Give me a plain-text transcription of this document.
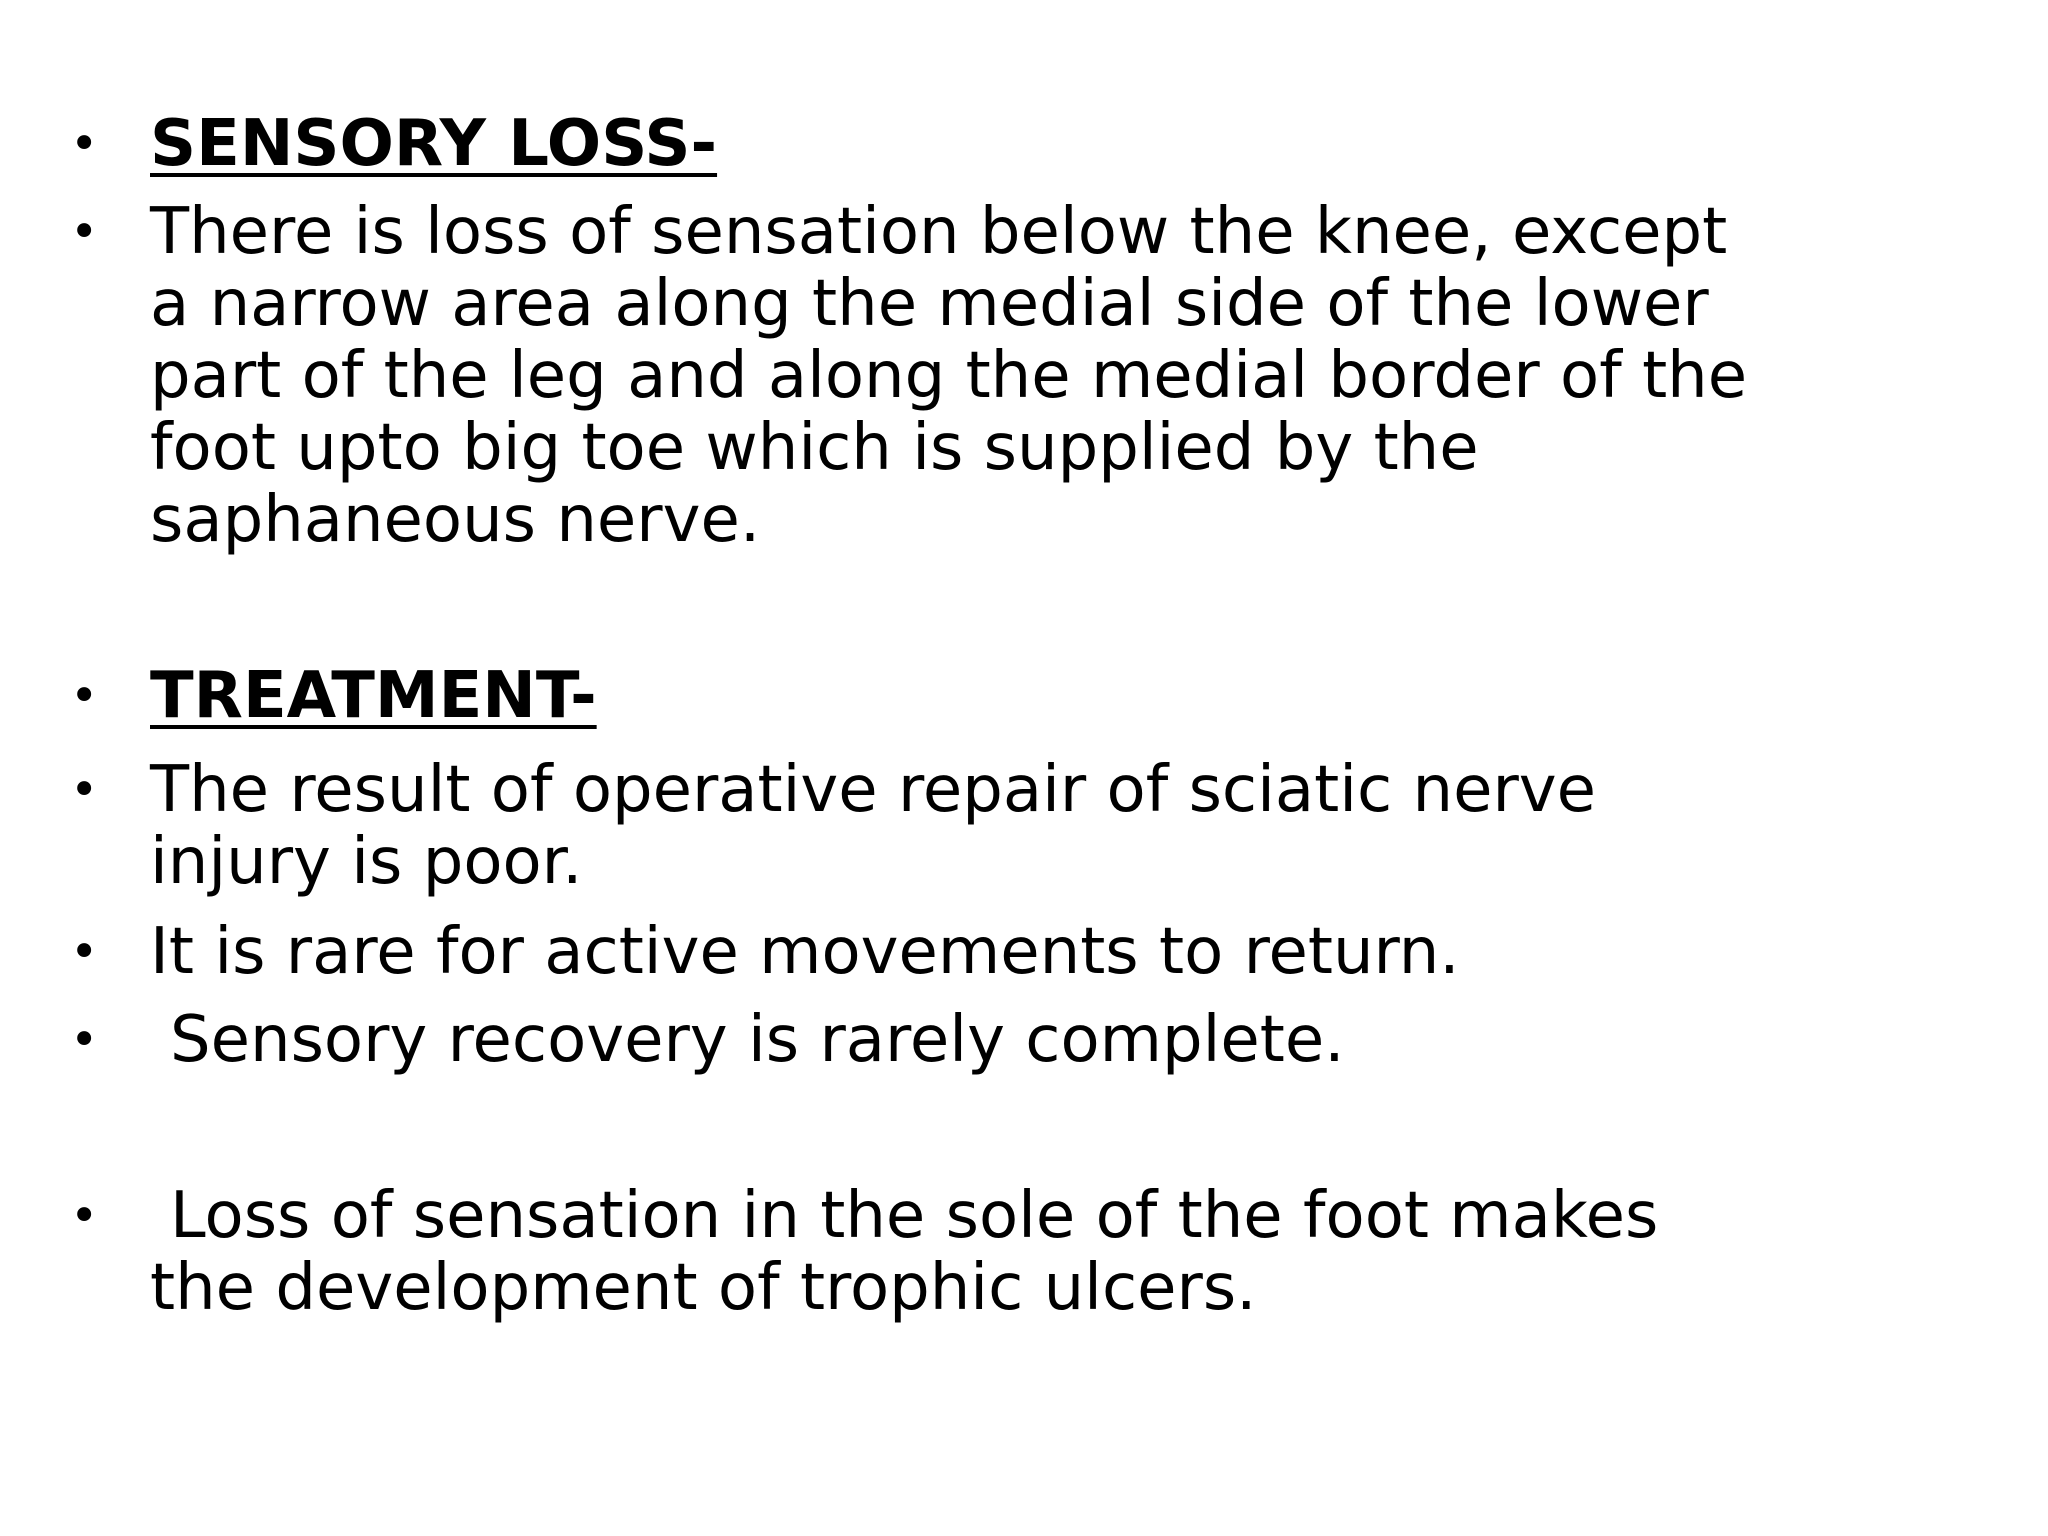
• SENSORY LOSS-
• There is loss of sensation below the knee, except
a narrow area along the medial side of the lower
part of the leg and along the medial border of the
foot upto big toe which is supplied by the
saphaneous nerve.
• TREATMENT-
• The result of operative repair of sciatic nerve
injury is poor.
• It is rare for active movements to return.
•	Sensory recovery is rarely complete.
•	Loss of sensation in the sole of the foot makes
the development of trophic ulcers.
